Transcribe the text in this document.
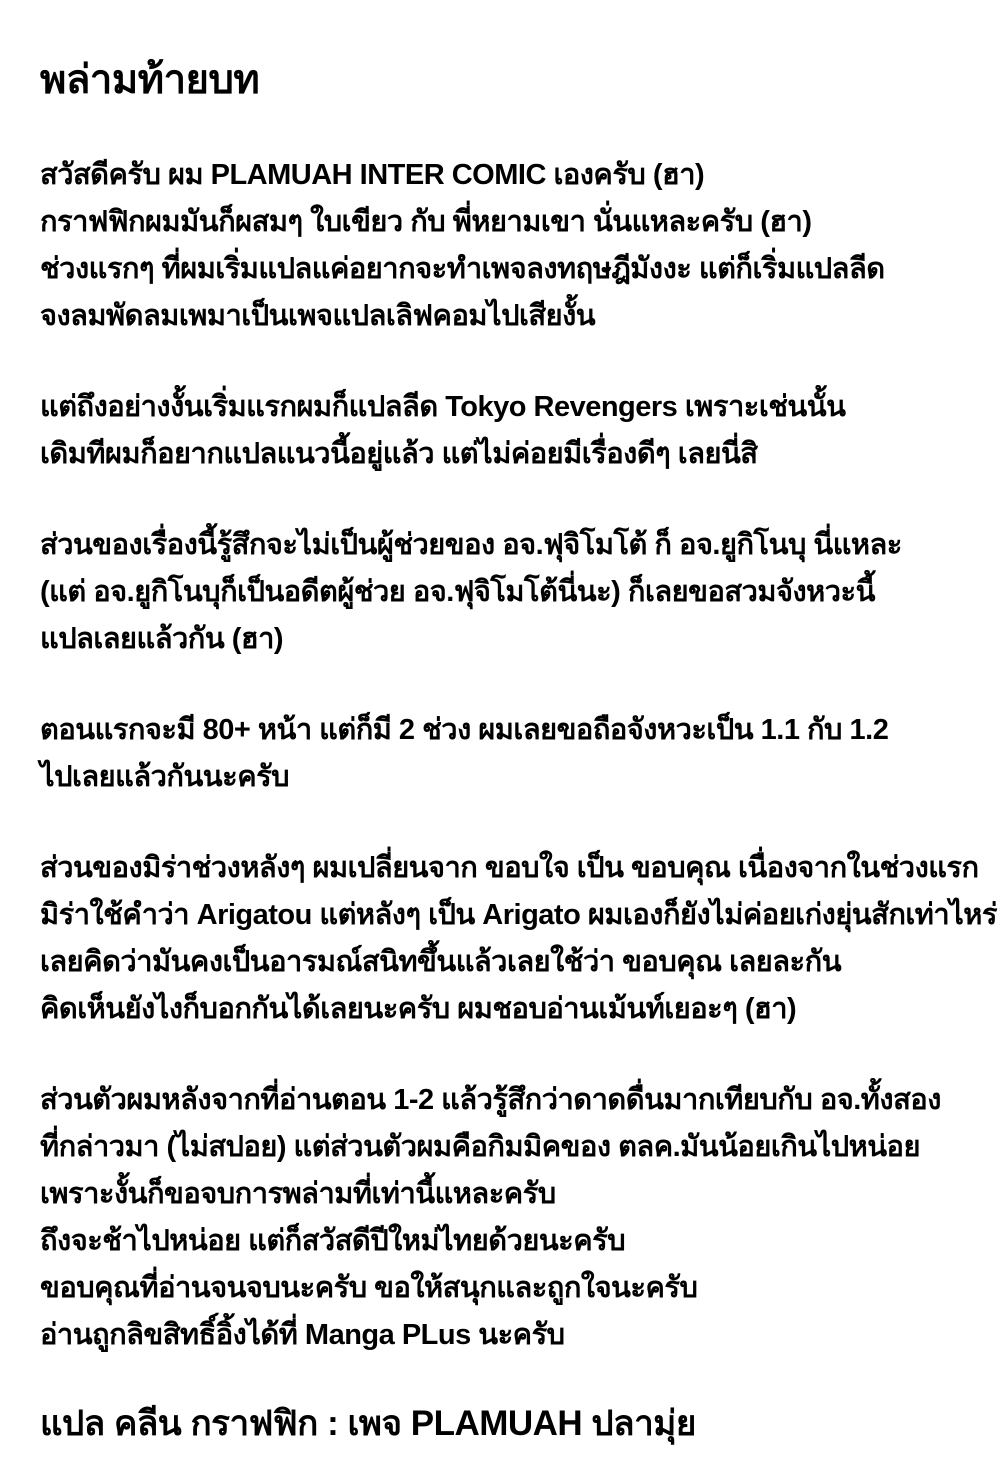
พล่ามท้ายบท
สวัสดีครับ ผม PLAMUAH INTER COMIC เองครับ (ฮา)
กราฟฟิกผมมันก็ผสมๆ ใบเขียว กับ พี่หยามเขา นั่นแหละครับ (ฮา)
ช่วงแรกๆ ที่ผมเริ่มแปลแค่อยากจะทำเพจลงทฤษฎีมังงะ แต่ก็เริ่มแปลลีด
จงลมพัดลมเพมาเป็นเพจแปลเลิฟคอมไปเสียงั้น
แต่ถึงอย่างงั้นเริ่มแรกผมก็แปลลีด Tokyo Revengers เพราะเช่นนั้น
เดิมทีผมก็อยากแปลแนวนี้อยู่แล้ว แต่ไม่ค่อยมีเรื่องดีๆ เลยนี่สิ
ส่วนของเรื่องนี้รู้สึกจะไม่เป็นผู้ช่วยของ อจ.ฟุจิโมโต้ ก็ อจ.ยูกิโนบุ นี่แหละ
(แต่ อจ.ยูกิโนบุก็เป็นอดีตผู้ช่วย อจ.ฟุจิโมโต้นี่นะ) ก็เลยขอสวมจังหวะนี้
แปลเลยแล้วกัน (ฮา)
ตอนแรกจะมี 80+ หน้า แต่ก็มี 2 ช่วง ผมเลยขอถือจังหวะเป็น 1.1 กับ 1.2
ไปเลยแล้วกันนะครับ
ส่วนของมิร่าช่วงหลังๆ ผมเปลี่ยนจาก ขอบใจ เป็น ขอบคุณ เนื่องจากในช่วงแรก
มิร่าใช้คำว่า Arigatou แต่หลังๆ เป็น Arigato ผมเองก็ยังไม่ค่อยเก่งยุ่นสักเท่าไหร่
เลยคิดว่ามันคงเป็นอารมณ์สนิทขึ้นแล้วเลยใช้ว่า ขอบคุณ เลยละกัน
คิดเห็นยังไงก็บอกกันได้เลยนะครับ ผมชอบอ่านเม้นท์เยอะๆ (ฮา)
ส่วนตัวผมหลังจากที่อ่านตอน 1-2 แล้วรู้สึกว่าดาดดื่นมากเทียบกับ อจ.ทั้งสอง
ที่กล่าวมา (ไม่สปอย) แต่ส่วนตัวผมคือกิมมิคของ ตลค.มันน้อยเกินไปหน่อย
เพราะงั้นก็ขอจบการพล่ามที่เท่านี้แหละครับ
ถึงจะช้าไปหน่อย แต่ก็สวัสดีปีใหม่ไทยด้วยนะครับ
ขอบคุณที่อ่านจนจบนะครับ ขอให้สนุกและถูกใจนะครับ
อ่านถูกลิขสิทธิ์อิ้งได้ที่ Manga PLus นะครับ
แปล คลีน กราฟฟิก : เพจ PLAMUAH ปลามุ่ย
